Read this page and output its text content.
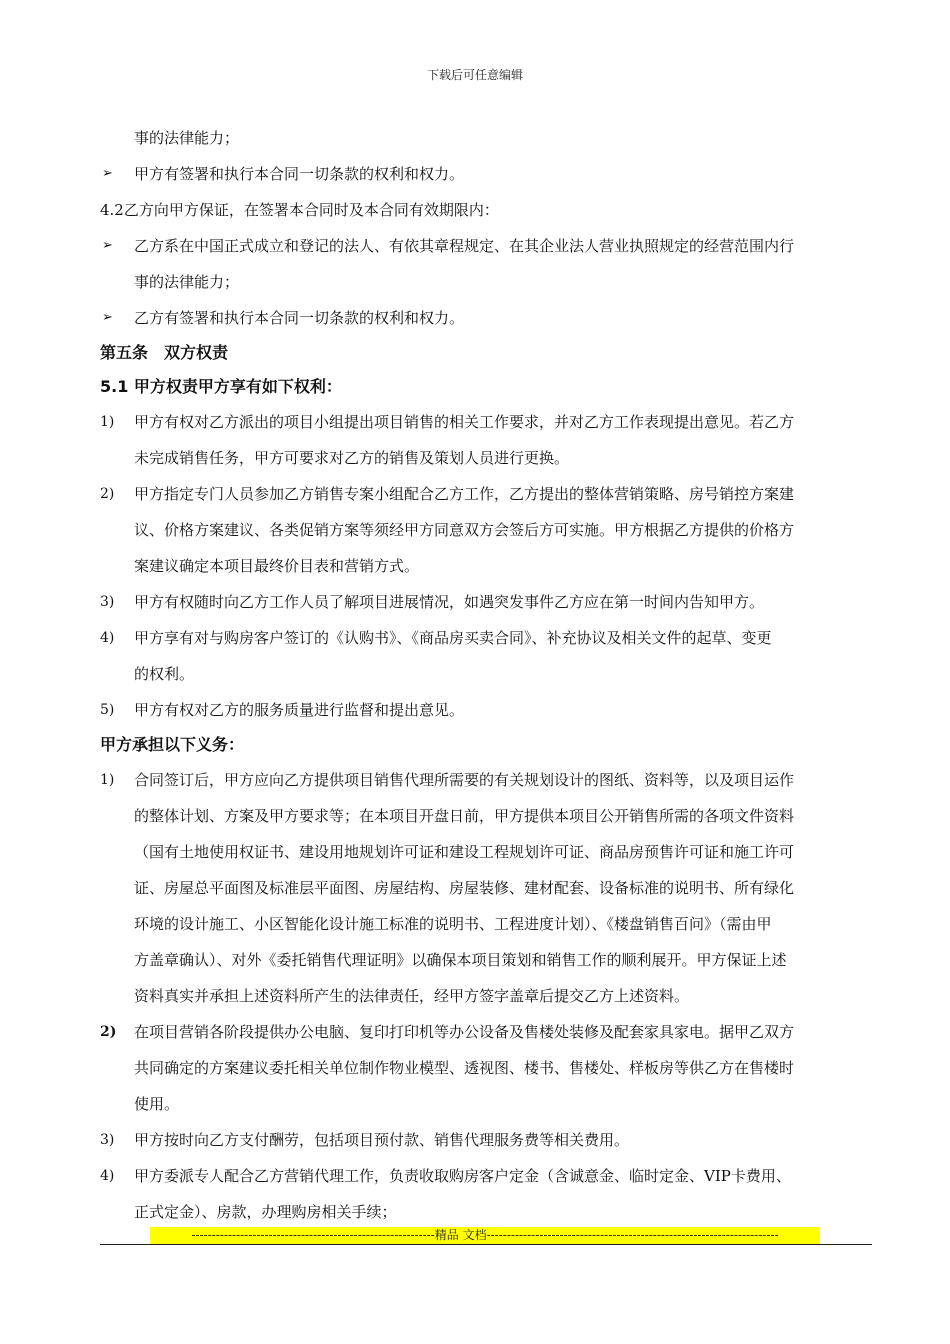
下载后可任意编辑
事的法律能力；
➢ 甲方有签署和执行本合同一切条款的权利和权力。
4.2乙方向甲方保证，在签署本合同时及本合同有效期限内：
➢ 乙方系在中国正式成立和登记的法人、有依其章程规定、在其企业法人营业执照规定的经营范围内行
事的法律能力；
➢ 乙方有签署和执行本合同一切条款的权利和权力。
第五条　双方权责
5.1 甲方权责甲方享有如下权利：
1) 甲方有权对乙方派出的项目小组提出项目销售的相关工作要求，并对乙方工作表现提出意见。若乙方
未完成销售任务，甲方可要求对乙方的销售及策划人员进行更换。
2) 甲方指定专门人员参加乙方销售专案小组配合乙方工作，乙方提出的整体营销策略、房号销控方案建
议、价格方案建议、各类促销方案等须经甲方同意双方会签后方可实施。甲方根据乙方提供的价格方
案建议确定本项目最终价目表和营销方式。
3) 甲方有权随时向乙方工作人员了解项目进展情况，如遇突发事件乙方应在第一时间内告知甲方。
4) 甲方享有对与购房客户签订的《认购书》、《商品房买卖合同》、补充协议及相关文件的起草、变更
的权利。
5) 甲方有权对乙方的服务质量进行监督和提出意见。
甲方承担以下义务：
1) 合同签订后，甲方应向乙方提供项目销售代理所需要的有关规划设计的图纸、资料等，以及项目运作
的整体计划、方案及甲方要求等；在本项目开盘日前，甲方提供本项目公开销售所需的各项文件资料
（国有土地使用权证书、建设用地规划许可证和建设工程规划许可证、商品房预售许可证和施工许可
证、房屋总平面图及标准层平面图、房屋结构、房屋装修、建材配套、设备标准的说明书、所有绿化
环境的设计施工、小区智能化设计施工标准的说明书、工程进度计划）、《楼盘销售百问》（需由甲
方盖章确认）、对外《委托销售代理证明》以确保本项目策划和销售工作的顺利展开。甲方保证上述
资料真实并承担上述资料所产生的法律责任，经甲方签字盖章后提交乙方上述资料。
2) 在项目营销各阶段提供办公电脑、复印打印机等办公设备及售楼处装修及配套家具家电。据甲乙双方
共同确定的方案建议委托相关单位制作物业模型、透视图、楼书、售楼处、样板房等供乙方在售楼时
使用。
3) 甲方按时向乙方支付酬劳，包括项目预付款、销售代理服务费等相关费用。
4) 甲方委派专人配合乙方营销代理工作，负责收取购房客户定金（含诚意金、临时定金、VIP卡费用、
正式定金）、房款，办理购房相关手续；
------------------------------------------------------------精品 文档------------------------------------------------------------------------
